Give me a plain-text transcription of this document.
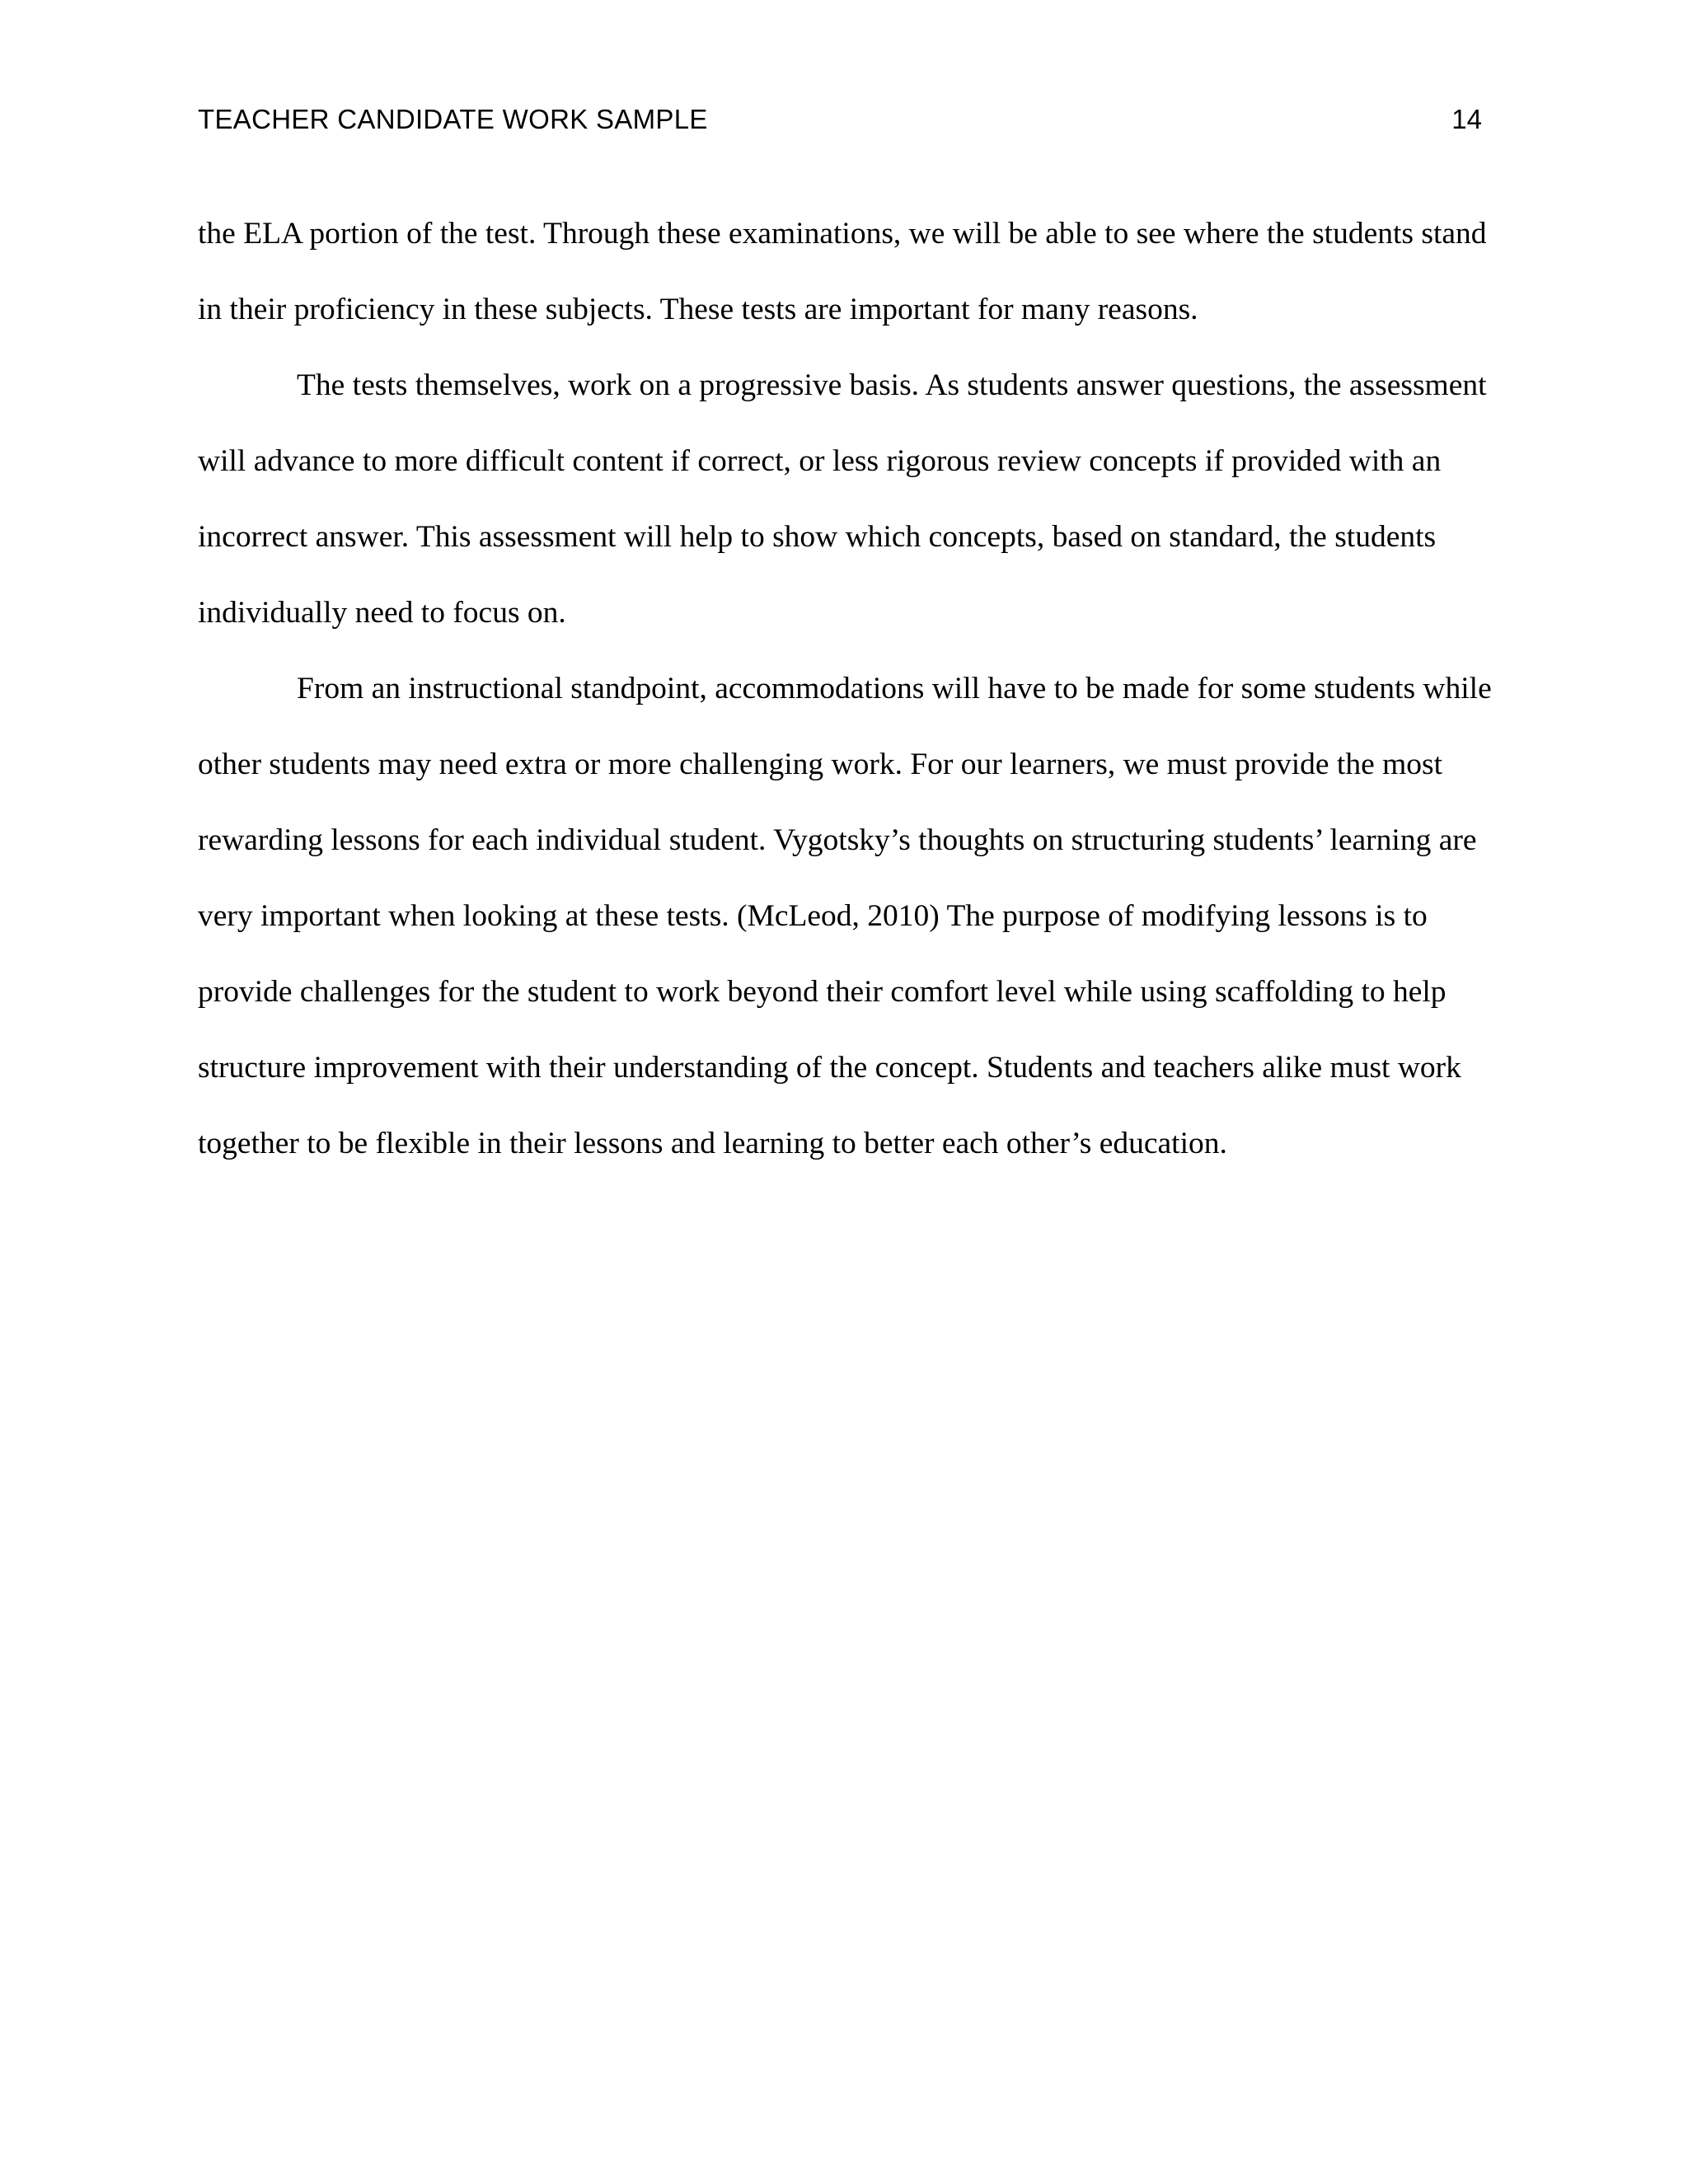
TEACHER CANDIDATE WORK SAMPLE	14

the ELA portion of the test. Through these examinations, we will be able to see where the students stand in their proficiency in these subjects. These tests are important for many reasons.

The tests themselves, work on a progressive basis. As students answer questions, the assessment will advance to more difficult content if correct, or less rigorous review concepts if provided with an incorrect answer. This assessment will help to show which concepts, based on standard, the students individually need to focus on.

From an instructional standpoint, accommodations will have to be made for some students while other students may need extra or more challenging work. For our learners, we must provide the most rewarding lessons for each individual student. Vygotsky’s thoughts on structuring students’ learning are very important when looking at these tests. (McLeod, 2010) The purpose of modifying lessons is to provide challenges for the student to work beyond their comfort level while using scaffolding to help structure improvement with their understanding of the concept. Students and teachers alike must work together to be flexible in their lessons and learning to better each other’s education.
